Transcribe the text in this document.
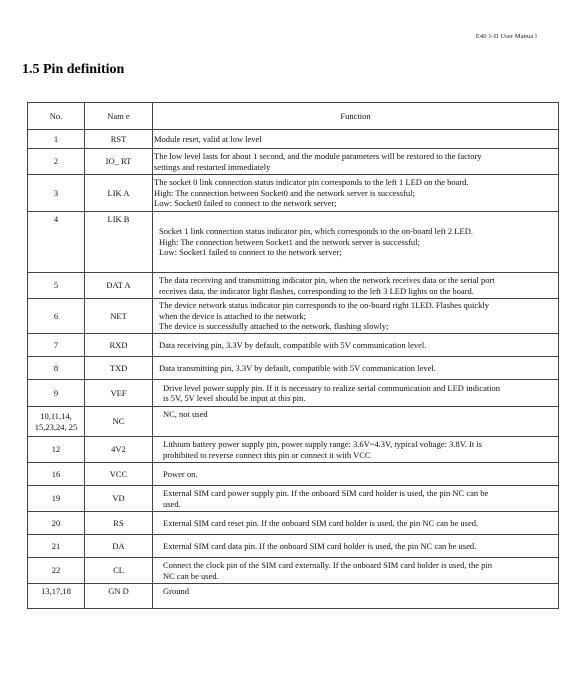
E40 1-D User Manua l
1.5 Pin definition
No.	Nam e	Function
1	RST	Module reset, valid at low level

2	IO_ RT	The low level lasts for about 1 second, and the module parameters will be restored to the factory
settings and restarted immediately

3	LIK A	The socket 0 link connection status indicator pin corresponds to the left 1 LED on the board.
High: The connection between Socket0 and the network server is successful;
Low: Socket0 failed to connect to the network server;

4	LIK B	Socket 1 link connection status indicator pin, which corresponds to the on-board left 2 LED.
High: The connection between Socket1 and the network server is successful;
Low: Socket1 failed to connect to the network server;

5	DAT A	The data receiving and transmitting indicator pin, when the network receives data or the serial port
receives data, the indicator light flashes, corresponding to the left 3 LED lights on the board.

6	NET	The device network status indicator pin corresponds to the on-board right 1LED. Flashes quickly
when the device is attached to the network;
The device is successfully attached to the network, flashing slowly;

7	RXD	Data receiving pin, 3.3V by default, compatible with 5V communication level.

8	TXD	Data transmitting pin, 3.3V by default, compatible with 5V communication level.

9	VEF	Drive level power supply pin. If it is necessary to realize serial communication and LED indication
is 5V, 5V level should be input at this pin.

10,11,14, 15,23,24, 25	NC	NC, not used

12	4V2	Lithium battery power supply pin, power supply range: 3.6V~4.3V, typical voltage: 3.8V. It is
prohibited to reverse connect this pin or connect it with VCC

16	VCC	Power on.

19	VD	External SIM card power supply pin. If the onboard SIM card holder is used, the pin NC can be
used.

20	RS	External SIM card reset pin. If the onboard SIM card holder is used, the pin NC can be used.

21	DA	External SIM card data pin. If the onboard SIM card holder is used, the pin NC can be used.

22	CL	Connect the clock pin of the SIM card externally. If the onboard SIM card holder is used, the pin
NC can be used.

13,17,18	GN D	Ground
